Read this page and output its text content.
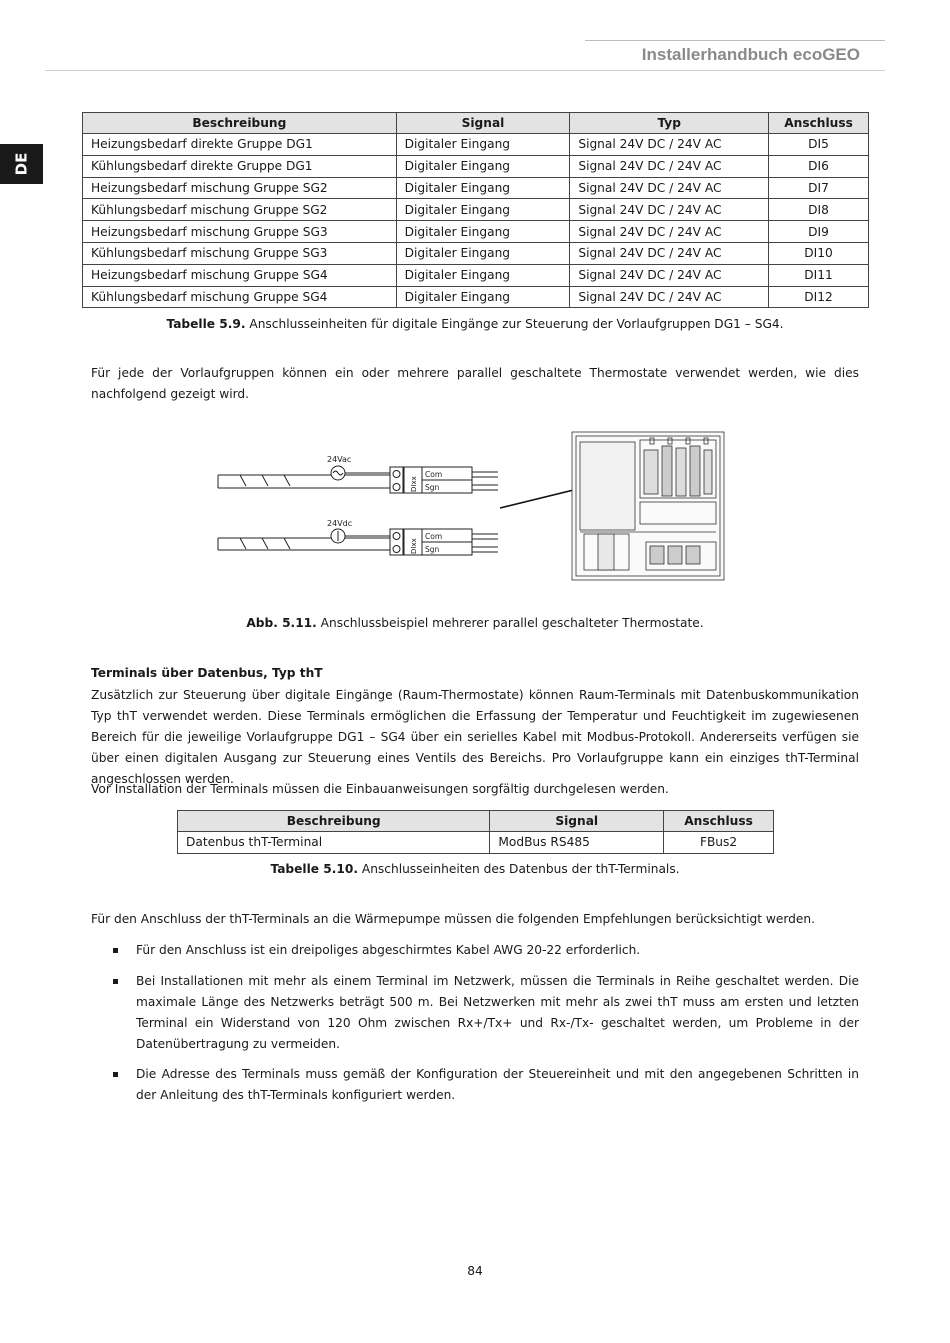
Installerhandbuch ecoGEO
DE
Beschreibung	Signal	Typ	Anschluss
Heizungsbedarf direkte Gruppe DG1	Digitaler Eingang	Signal 24V DC / 24V AC	DI5
Kühlungsbedarf direkte Gruppe DG1	Digitaler Eingang	Signal 24V DC / 24V AC	DI6
Heizungsbedarf mischung Gruppe SG2	Digitaler Eingang	Signal 24V DC / 24V AC	DI7
Kühlungsbedarf mischung Gruppe SG2	Digitaler Eingang	Signal 24V DC / 24V AC	DI8
Heizungsbedarf mischung Gruppe SG3	Digitaler Eingang	Signal 24V DC / 24V AC	DI9
Kühlungsbedarf mischung Gruppe SG3	Digitaler Eingang	Signal 24V DC / 24V AC	DI10
Heizungsbedarf mischung Gruppe SG4	Digitaler Eingang	Signal 24V DC / 24V AC	DI11
Kühlungsbedarf mischung Gruppe SG4	Digitaler Eingang	Signal 24V DC / 24V AC	DI12
Tabelle 5.9. Anschlusseinheiten für digitale Eingänge zur Steuerung der Vorlaufgruppen DG1 – SG4.
Für jede der Vorlaufgruppen können ein oder mehrere parallel geschaltete Thermostate verwendet werden, wie dies nachfolgend gezeigt wird.
24Vac
DIxx
Com
Sgn
24Vdc
DIxx
Com
Sgn
Abb. 5.11. Anschlussbeispiel mehrerer parallel geschalteter Thermostate.
Terminals über Datenbus, Typ thT
Zusätzlich zur Steuerung über digitale Eingänge (Raum-Thermostate) können Raum-Terminals mit Datenbuskommunikation Typ thT verwendet werden. Diese Terminals ermöglichen die Erfassung der Temperatur und Feuchtigkeit im zugewiesenen Bereich für die jeweilige Vorlaufgruppe DG1 – SG4 über ein serielles Kabel mit Modbus-Protokoll. Andererseits verfügen sie über einen digitalen Ausgang zur Steuerung eines Ventils des Bereichs. Pro Vorlaufgruppe kann ein einziges thT-Terminal angeschlossen werden.
Vor Installation der Terminals müssen die Einbauanweisungen sorgfältig durchgelesen werden.
Beschreibung	Signal	Anschluss
Datenbus thT-Terminal	ModBus RS485	FBus2
Tabelle 5.10. Anschlusseinheiten des Datenbus der thT-Terminals.
Für den Anschluss der thT-Terminals an die Wärmepumpe müssen die folgenden Empfehlungen berücksichtigt werden.
Für den Anschluss ist ein dreipoliges abgeschirmtes Kabel AWG 20-22 erforderlich.
Bei Installationen mit mehr als einem Terminal im Netzwerk, müssen die Terminals in Reihe geschaltet werden. Die maximale Länge des Netzwerks beträgt 500 m. Bei Netzwerken mit mehr als zwei thT muss am ersten und letzten Terminal ein Widerstand von 120 Ohm zwischen Rx+/Tx+ und Rx-/Tx- geschaltet werden, um Probleme in der Datenübertragung zu vermeiden.
Die Adresse des Terminals muss gemäß der Konfiguration der Steuereinheit und mit den angegebenen Schritten in der Anleitung des thT-Terminals konfiguriert werden.
84
